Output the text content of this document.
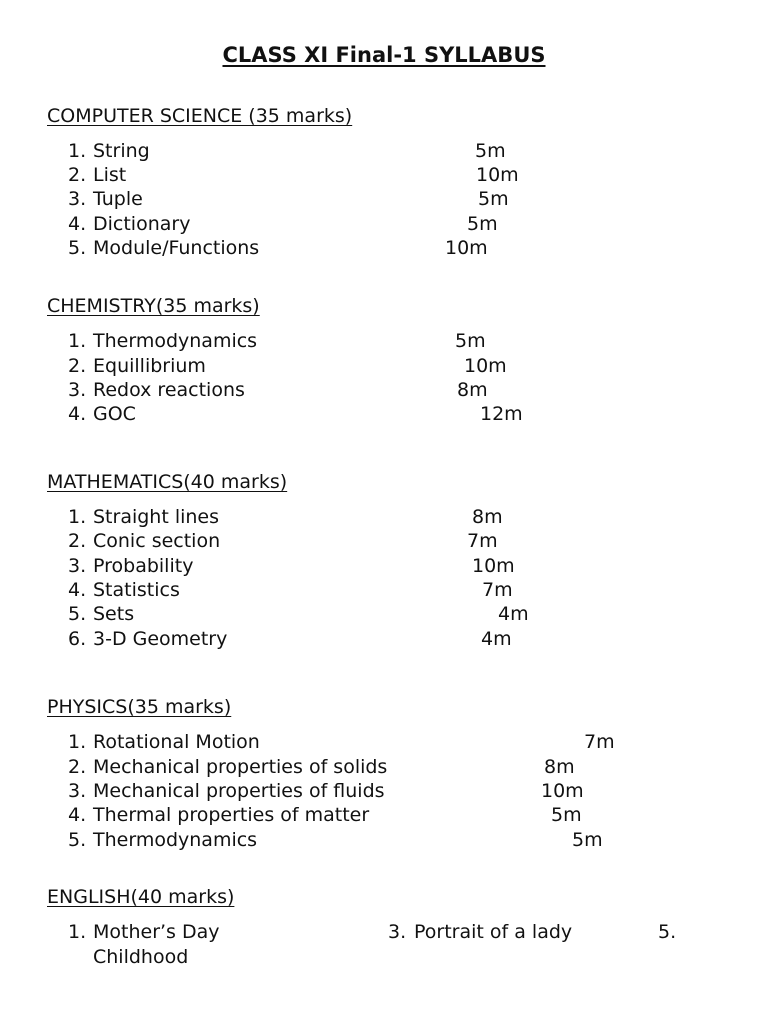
CLASS XI Final-1 SYLLABUS
COMPUTER SCIENCE (35 marks)
1. String	5m
2. List	10m
3. Tuple	5m
4. Dictionary	5m
5. Module/Functions	10m
CHEMISTRY(35 marks)
1. Thermodynamics	5m
2. Equillibrium	10m
3. Redox reactions	8m
4. GOC	12m
MATHEMATICS(40 marks)
1. Straight lines	8m
2. Conic section	7m
3. Probability	10m
4. Statistics	7m
5. Sets	4m
6. 3-D Geometry	4m
PHYSICS(35 marks)
1. Rotational Motion	7m
2. Mechanical properties of solids	8m
3. Mechanical properties of fluids	10m
4. Thermal properties of matter	5m
5. Thermodynamics	5m
ENGLISH(40 marks)
1. Mother’s Day	3. Portrait of a lady	5.
Childhood
